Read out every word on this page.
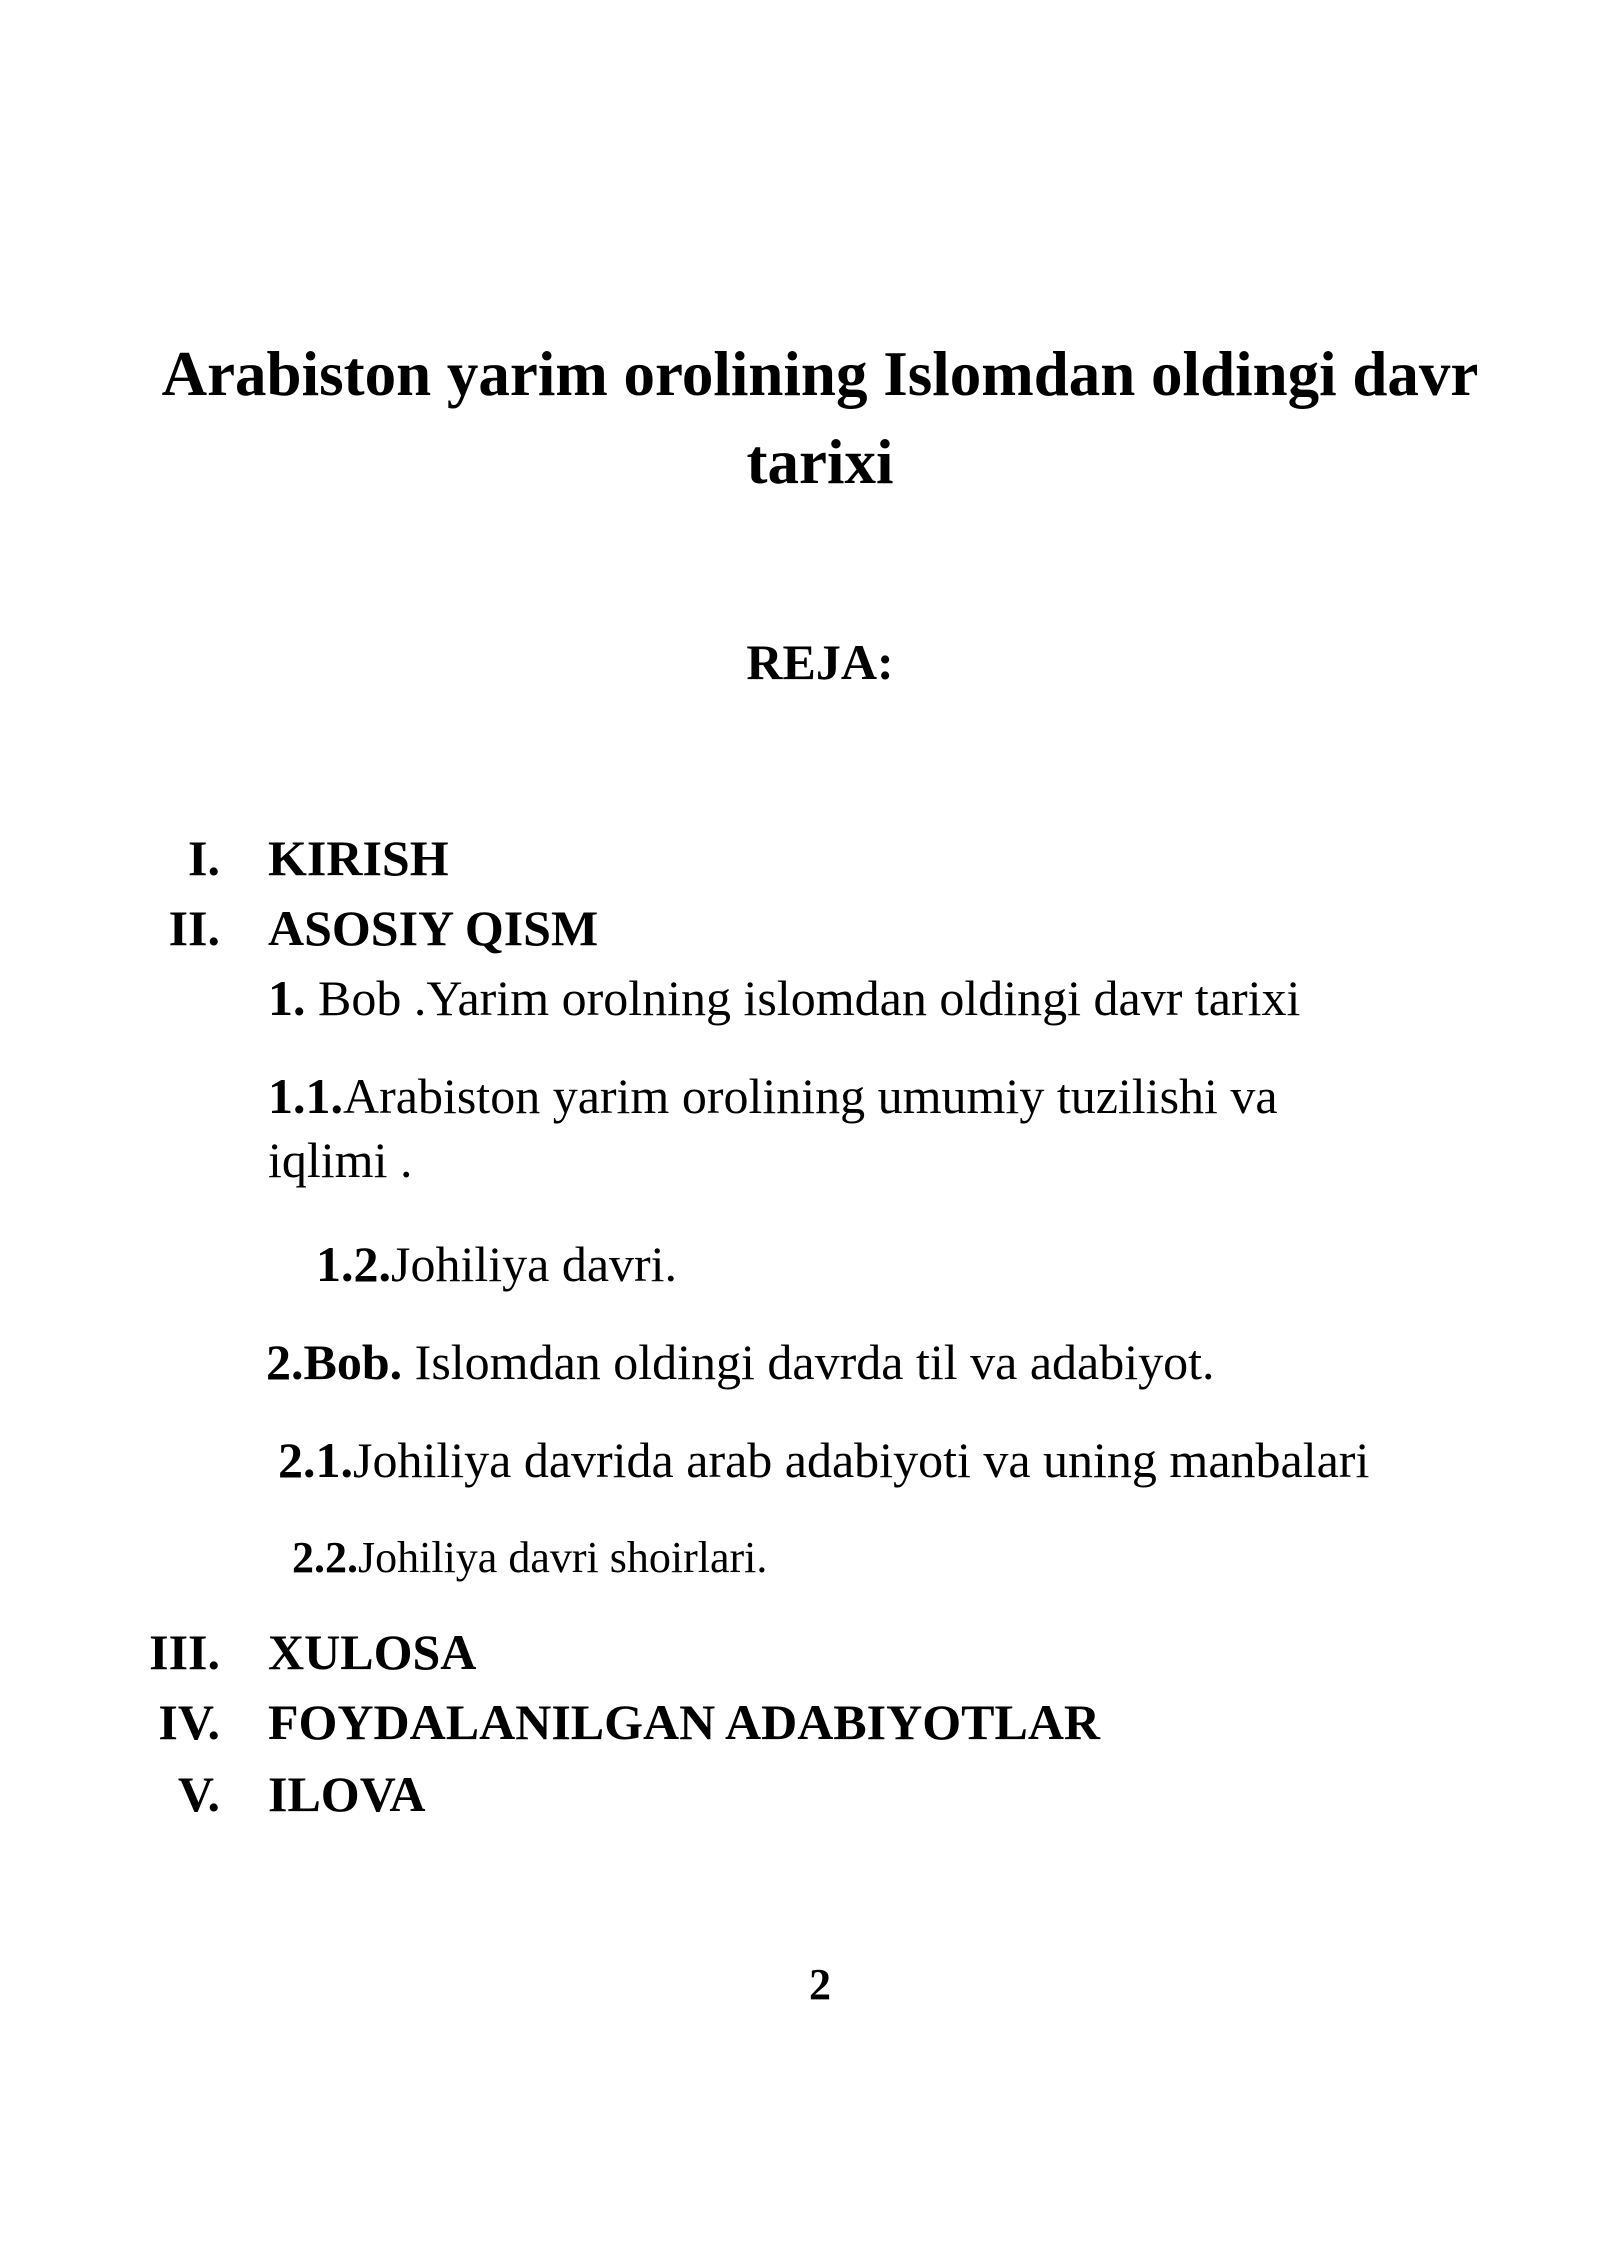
Arabiston yarim orolining Islomdan oldingi davr tarixi
REJA:
I. KIRISH
II. ASOSIY QISM

1. Bob .Yarim orolning islomdan oldingi davr tarixi

1.1.Arabiston yarim orolining umumiy tuzilishi va iqlimi .

1.2.Johiliya davri.

2.Bob. Islomdan oldingi davrda til va adabiyot.

2.1.Johiliya davrida arab adabiyoti va uning manbalari

2.2.Johiliya davri shoirlari.

III. XULOSA
IV. FOYDALANILGAN ADABIYOTLAR
V. ILOVA
2
